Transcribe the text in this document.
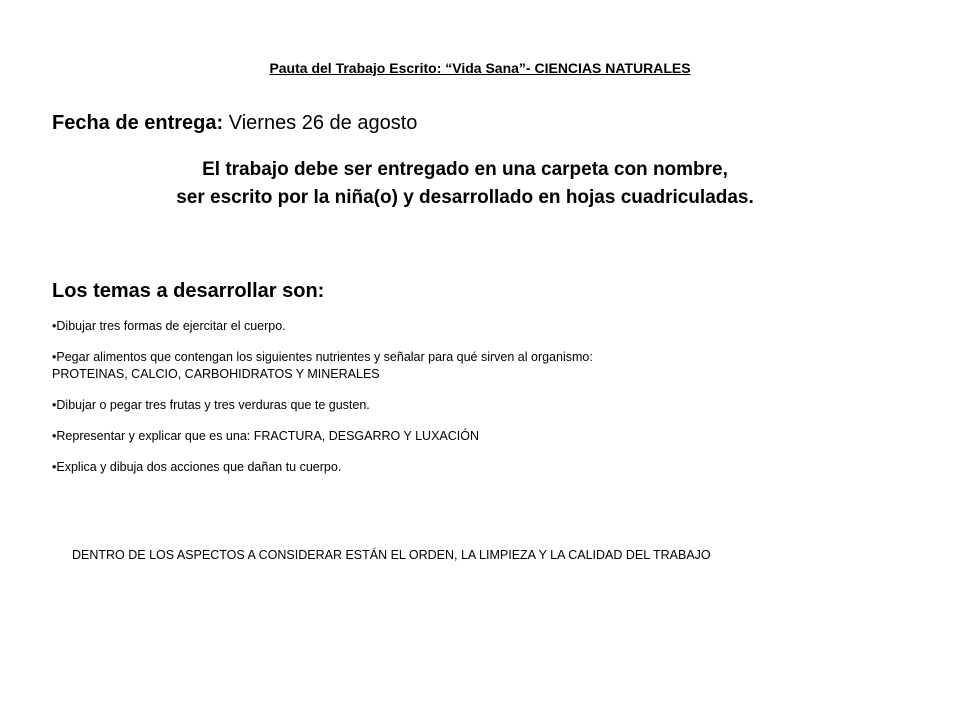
Pauta del Trabajo Escrito: “Vida Sana”- CIENCIAS NATURALES
Fecha de entrega: Viernes 26 de agosto
El trabajo debe ser entregado en una carpeta con nombre,
ser escrito por la niña(o) y desarrollado en hojas cuadriculadas.
Los temas a desarrollar son:
•Dibujar tres formas de ejercitar el cuerpo.
•Pegar alimentos que contengan los siguientes nutrientes y señalar para qué sirven al organismo:
PROTEINAS, CALCIO, CARBOHIDRATOS Y MINERALES
•Dibujar o pegar tres frutas y tres verduras que te gusten.
•Representar y explicar que es una: FRACTURA, DESGARRO Y LUXACIÓN
•Explica y dibuja dos acciones que dañan tu cuerpo.
DENTRO DE LOS ASPECTOS A CONSIDERAR ESTÁN EL ORDEN, LA LIMPIEZA Y LA CALIDAD DEL TRABAJO
